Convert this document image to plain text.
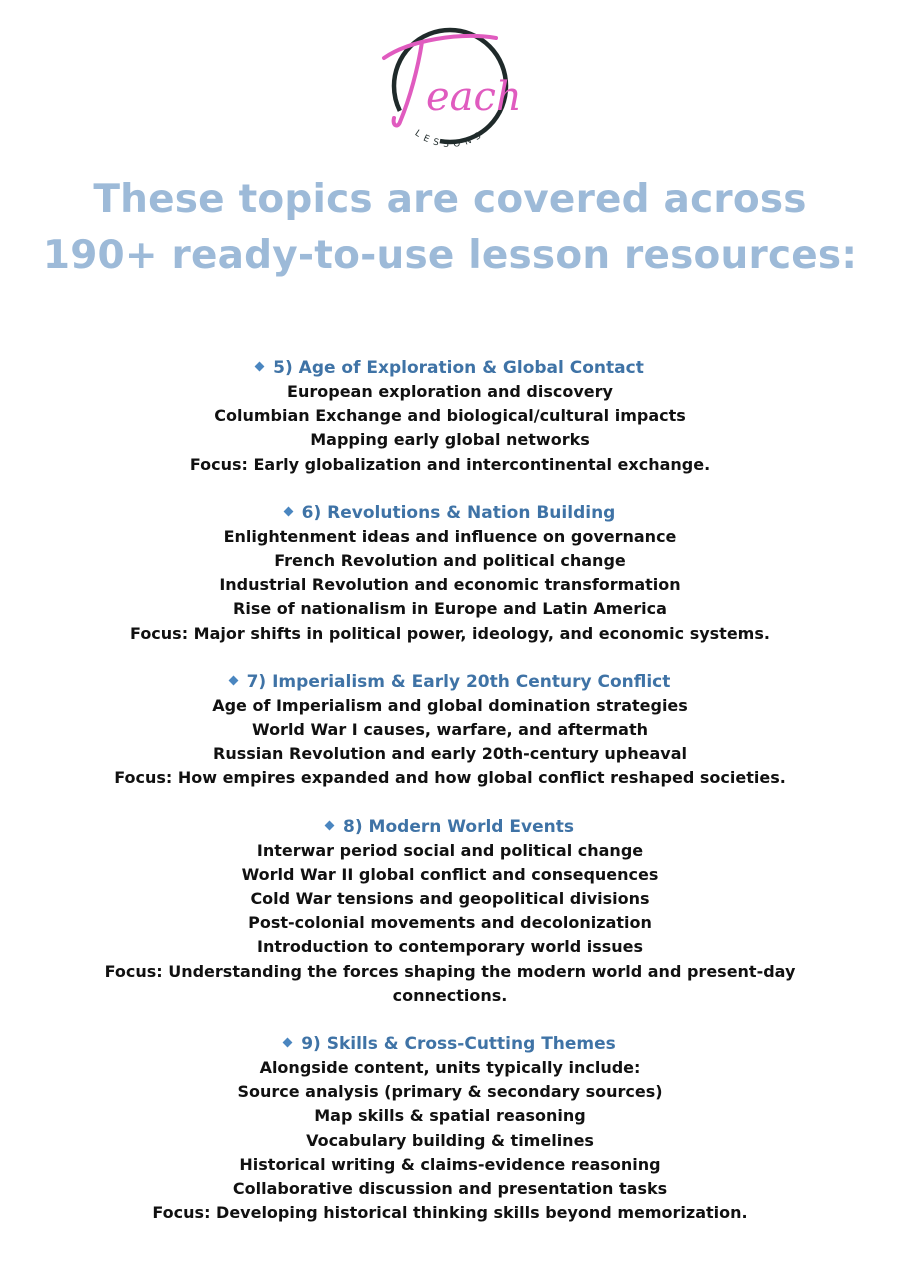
each
LESSONS
These topics are covered across
190+ ready-to-use lesson resources:
5) Age of Exploration & Global Contact
European exploration and discovery
Columbian Exchange and biological/cultural impacts
Mapping early global networks
Focus: Early globalization and intercontinental exchange.
6) Revolutions & Nation Building
Enlightenment ideas and influence on governance
French Revolution and political change
Industrial Revolution and economic transformation
Rise of nationalism in Europe and Latin America
Focus: Major shifts in political power, ideology, and economic systems.
7) Imperialism & Early 20th Century Conflict
Age of Imperialism and global domination strategies
World War I causes, warfare, and aftermath
Russian Revolution and early 20th-century upheaval
Focus: How empires expanded and how global conflict reshaped societies.
8) Modern World Events
Interwar period social and political change
World War II global conflict and consequences
Cold War tensions and geopolitical divisions
Post-colonial movements and decolonization
Introduction to contemporary world issues
Focus: Understanding the forces shaping the modern world and present-day connections.
9) Skills & Cross-Cutting Themes
Alongside content, units typically include:
Source analysis (primary & secondary sources)
Map skills & spatial reasoning
Vocabulary building & timelines
Historical writing & claims-evidence reasoning
Collaborative discussion and presentation tasks
Focus: Developing historical thinking skills beyond memorization.
